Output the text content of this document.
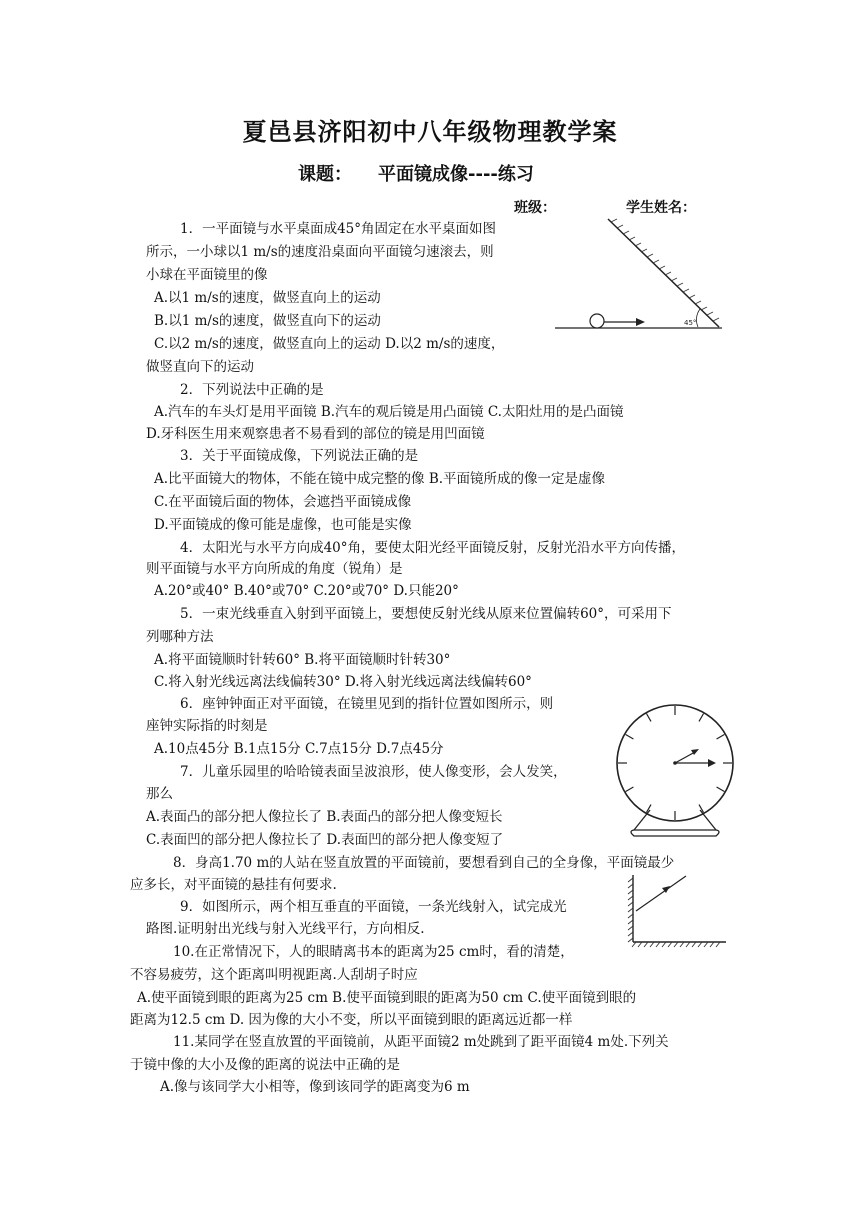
夏邑县济阳初中八年级物理教学案
课题： 平面镜成像----练习
班级：	学生姓名：
1．一平面镜与水平桌面成45°角固定在水平桌面如图
所示，一小球以1 m/s的速度沿桌面向平面镜匀速滚去，则
小球在平面镜里的像
A.以1 m/s的速度，做竖直向上的运动
B.以1 m/s的速度，做竖直向下的运动
C.以2 m/s的速度，做竖直向上的运动 D.以2 m/s的速度，
做竖直向下的运动
2．下列说法中正确的是
A.汽车的车头灯是用平面镜 B.汽车的观后镜是用凸面镜 C.太阳灶用的是凸面镜
D.牙科医生用来观察患者不易看到的部位的镜是用凹面镜
3．关于平面镜成像，下列说法正确的是
A.比平面镜大的物体，不能在镜中成完整的像 B.平面镜所成的像一定是虚像
C.在平面镜后面的物体，会遮挡平面镜成像
D.平面镜成的像可能是虚像，也可能是实像
4．太阳光与水平方向成40°角，要使太阳光经平面镜反射，反射光沿水平方向传播，
则平面镜与水平方向所成的角度（锐角）是
A.20°或40° B.40°或70° C.20°或70° D.只能20°
5．一束光线垂直入射到平面镜上，要想使反射光线从原来位置偏转60°，可采用下
列哪种方法
A.将平面镜顺时针转60° B.将平面镜顺时针转30°
C.将入射光线远离法线偏转30° D.将入射光线远离法线偏转60°
6．座钟钟面正对平面镜，在镜里见到的指针位置如图所示，则
座钟实际指的时刻是
A.10点45分 B.1点15分 C.7点15分 D.7点45分
7．儿童乐园里的哈哈镜表面呈波浪形，使人像变形，会人发笑，
那么
A.表面凸的部分把人像拉长了 B.表面凸的部分把人像变短长
C.表面凹的部分把人像拉长了 D.表面凹的部分把人像变短了
8．身高1.70 m的人站在竖直放置的平面镜前，要想看到自己的全身像，平面镜最少
应多长，对平面镜的悬挂有何要求.
9．如图所示，两个相互垂直的平面镜，一条光线射入，试完成光
路图.证明射出光线与射入光线平行，方向相反.
10.在正常情况下，人的眼睛离书本的距离为25 cm时，看的清楚，
不容易疲劳，这个距离叫明视距离.人刮胡子时应
A.使平面镜到眼的距离为25 cm B.使平面镜到眼的距离为50 cm C.使平面镜到眼的
距离为12.5 cm D. 因为像的大小不变，所以平面镜到眼的距离远近都一样
11.某同学在竖直放置的平面镜前，从距平面镜2 m处跳到了距平面镜4 m处.下列关
于镜中像的大小及像的距离的说法中正确的是
A.像与该同学大小相等，像到该同学的距离变为6 m
45°
